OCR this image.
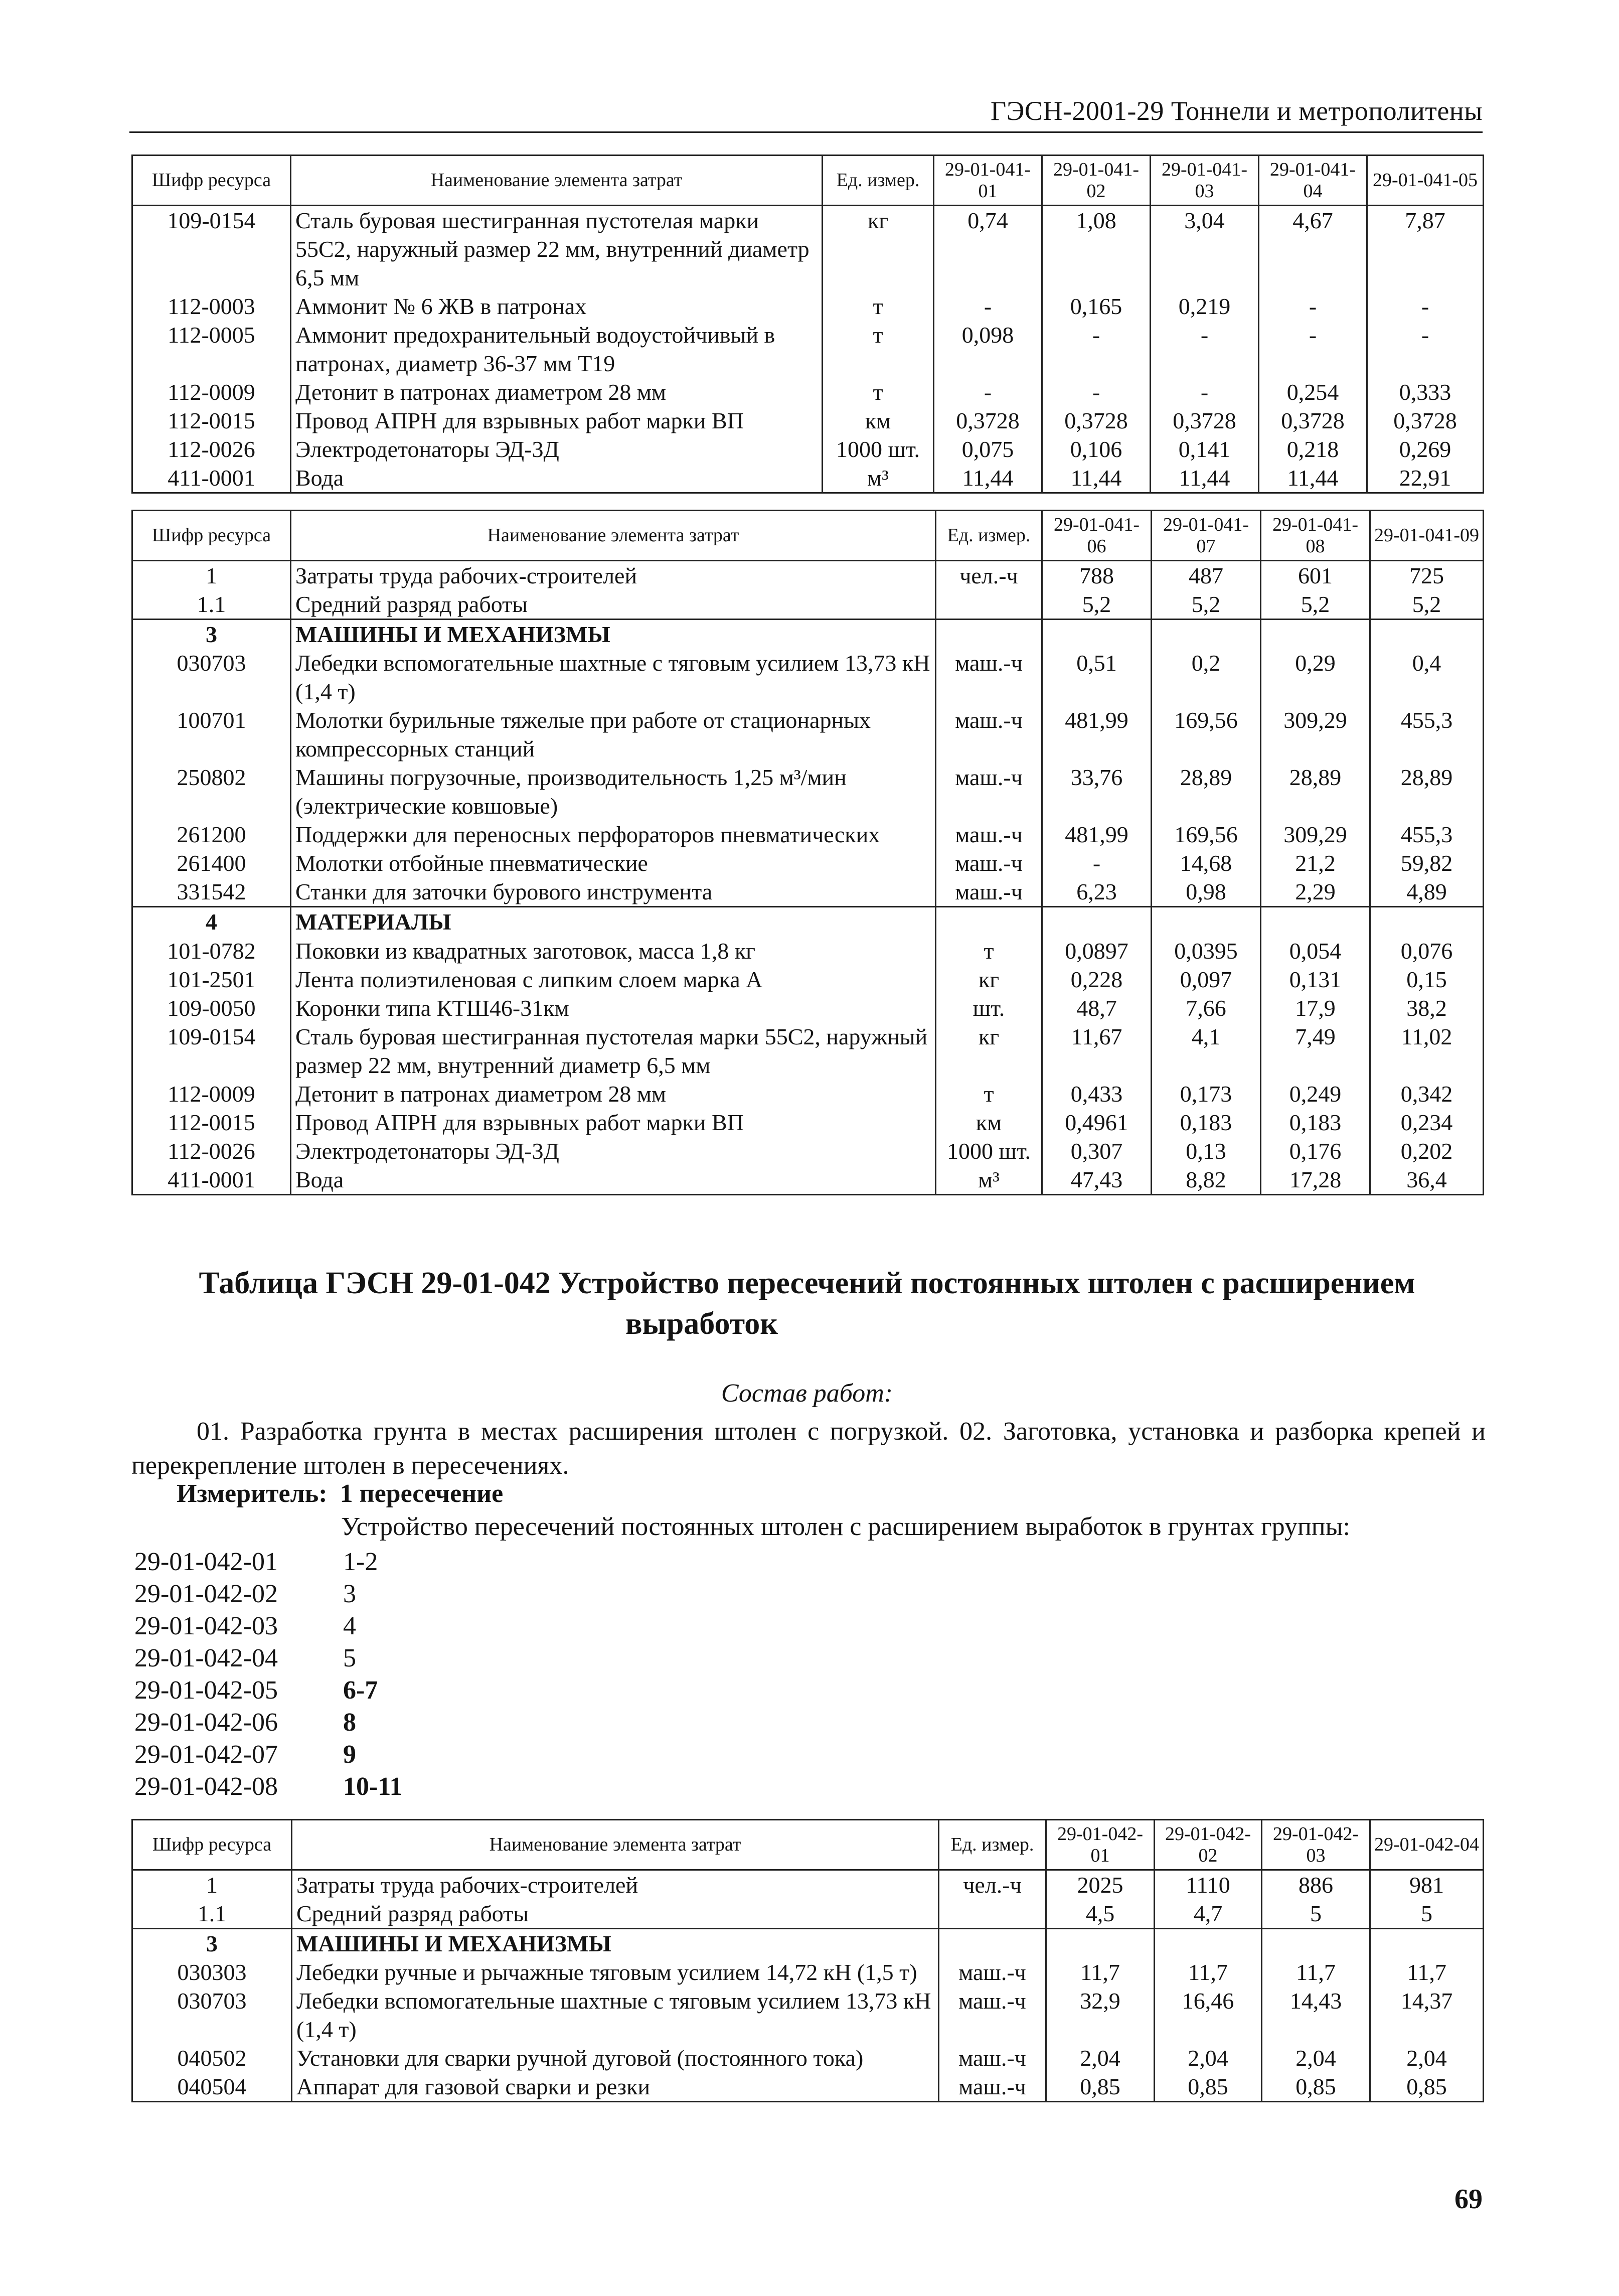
ГЭСН-2001-29 Тоннели и метрополитены
Шифр ресурса	Наименование элемента затрат	Ед. измер.	29-01-041-01	29-01-041-02	29-01-041-03	29-01-041-04	29-01-041-05
109-0154	Сталь буровая шестигранная пустотелая марки 55С2, наружный размер 22 мм, внутренний диаметр 6,5 мм	кг	0,74	1,08	3,04	4,67	7,87
112-0003	Аммонит № 6 ЖВ в патронах	т	-	0,165	0,219	-	-
112-0005	Аммонит предохранительный водоустойчивый в патронах, диаметр 36-37 мм Т19	т	0,098	-	-	-	-
112-0009	Детонит в патронах диаметром 28 мм	т	-	-	-	0,254	0,333
112-0015	Провод АПРН для взрывных работ марки ВП	км	0,3728	0,3728	0,3728	0,3728	0,3728
112-0026	Электродетонаторы ЭД-3Д	1000 шт.	0,075	0,106	0,141	0,218	0,269
411-0001	Вода	м³	11,44	11,44	11,44	11,44	22,91
Шифр ресурса	Наименование элемента затрат	Ед. измер.	29-01-041-06	29-01-041-07	29-01-041-08	29-01-041-09
1	Затраты труда рабочих-строителей	чел.-ч	788	487	601	725
1.1	Средний разряд работы		5,2	5,2	5,2	5,2
3	МАШИНЫ И МЕХАНИЗМЫ					
030703	Лебедки вспомогательные шахтные с тяговым усилием 13,73 кН (1,4 т)	маш.-ч	0,51	0,2	0,29	0,4
100701	Молотки бурильные тяжелые при работе от стационарных компрессорных станций	маш.-ч	481,99	169,56	309,29	455,3
250802	Машины погрузочные, производительность 1,25 м³/мин (электрические ковшовые)	маш.-ч	33,76	28,89	28,89	28,89
261200	Поддержки для переносных перфораторов пневматических	маш.-ч	481,99	169,56	309,29	455,3
261400	Молотки отбойные пневматические	маш.-ч	-	14,68	21,2	59,82
331542	Станки для заточки бурового инструмента	маш.-ч	6,23	0,98	2,29	4,89
4	МАТЕРИАЛЫ					
101-0782	Поковки из квадратных заготовок, масса 1,8 кг	т	0,0897	0,0395	0,054	0,076
101-2501	Лента полиэтиленовая с липким слоем марка А	кг	0,228	0,097	0,131	0,15
109-0050	Коронки типа КТШ46-31км	шт.	48,7	7,66	17,9	38,2
109-0154	Сталь буровая шестигранная пустотелая марки 55С2, наружный размер 22 мм, внутренний диаметр 6,5 мм	кг	11,67	4,1	7,49	11,02
112-0009	Детонит в патронах диаметром 28 мм	т	0,433	0,173	0,249	0,342
112-0015	Провод АПРН для взрывных работ марки ВП	км	0,4961	0,183	0,183	0,234
112-0026	Электродетонаторы ЭД-3Д	1000 шт.	0,307	0,13	0,176	0,202
411-0001	Вода	м³	47,43	8,82	17,28	36,4
Таблица ГЭСН 29-01-042 Устройство пересечений постоянных штолен с расширением
выработок
Состав работ:
01. Разработка грунта в местах расширения штолен с погрузкой. 02. Заготовка, установка и разборка крепей и перекрепление штолен в пересечениях.
Измеритель: 1 пересечение
Устройство пересечений постоянных штолен с расширением выработок в грунтах группы:
29-01-042-01	1-2
29-01-042-02	3
29-01-042-03	4
29-01-042-04	5
29-01-042-05	6-7
29-01-042-06	8
29-01-042-07	9
29-01-042-08	10-11
Шифр ресурса	Наименование элемента затрат	Ед. измер.	29-01-042-01	29-01-042-02	29-01-042-03	29-01-042-04
1	Затраты труда рабочих-строителей	чел.-ч	2025	1110	886	981
1.1	Средний разряд работы		4,5	4,7	5	5
3	МАШИНЫ И МЕХАНИЗМЫ					
030303	Лебедки ручные и рычажные тяговым усилием 14,72 кН (1,5 т)	маш.-ч	11,7	11,7	11,7	11,7
030703	Лебедки вспомогательные шахтные с тяговым усилием 13,73 кН (1,4 т)	маш.-ч	32,9	16,46	14,43	14,37
040502	Установки для сварки ручной дуговой (постоянного тока)	маш.-ч	2,04	2,04	2,04	2,04
040504	Аппарат для газовой сварки и резки	маш.-ч	0,85	0,85	0,85	0,85
69
